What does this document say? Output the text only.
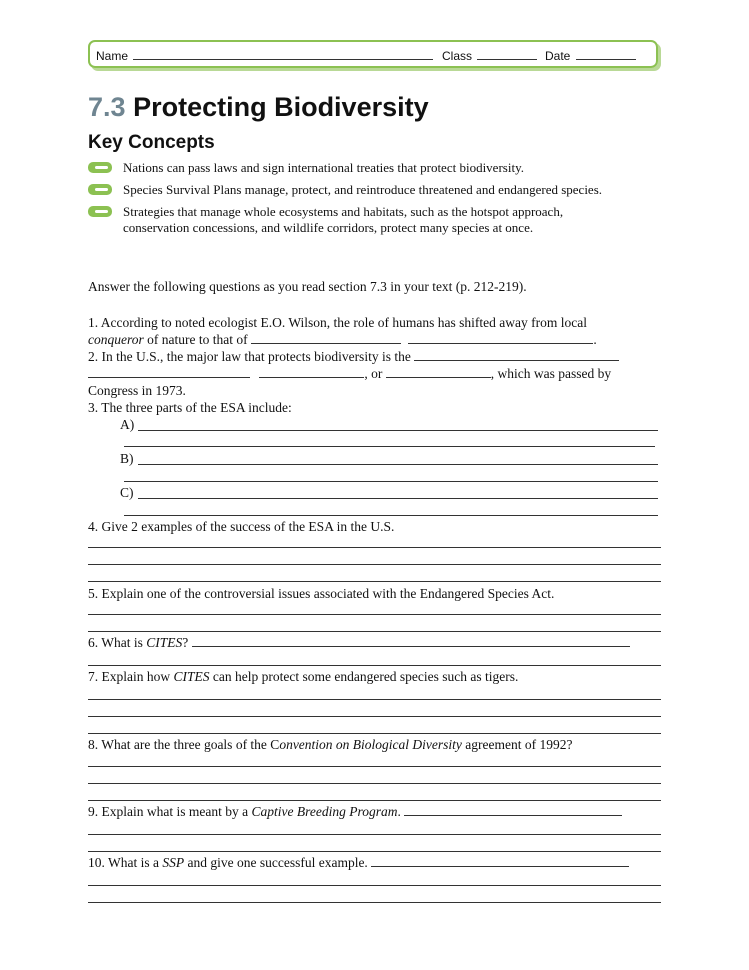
Name	Class	Date
7.3 Protecting Biodiversity
Key Concepts
Nations can pass laws and sign international treaties that protect biodiversity.
Species Survival Plans manage, protect, and reintroduce threatened and endangered species.
Strategies that manage whole ecosystems and habitats, such as the hotspot approach, conservation concessions, and wildlife corridors, protect many species at once.
Answer the following questions as you read section 7.3 in your text (p. 212-219).
1. According to noted ecologist E.O. Wilson, the role of humans has shifted away from local
conqueror of nature to that of	.
2. In the U.S., the major law that protects biodiversity is the
, or	, which was passed by
Congress in 1973.
3. The three parts of the ESA include:
A)
B)
C)
4. Give 2 examples of the success of the ESA in the U.S.
5. Explain one of the controversial issues associated with the Endangered Species Act.
6. What is CITES?
7. Explain how CITES can help protect some endangered species such as tigers.
8. What are the three goals of the Convention on Biological Diversity agreement of 1992?
9. Explain what is meant by a Captive Breeding Program.
10. What is a SSP and give one successful example.
